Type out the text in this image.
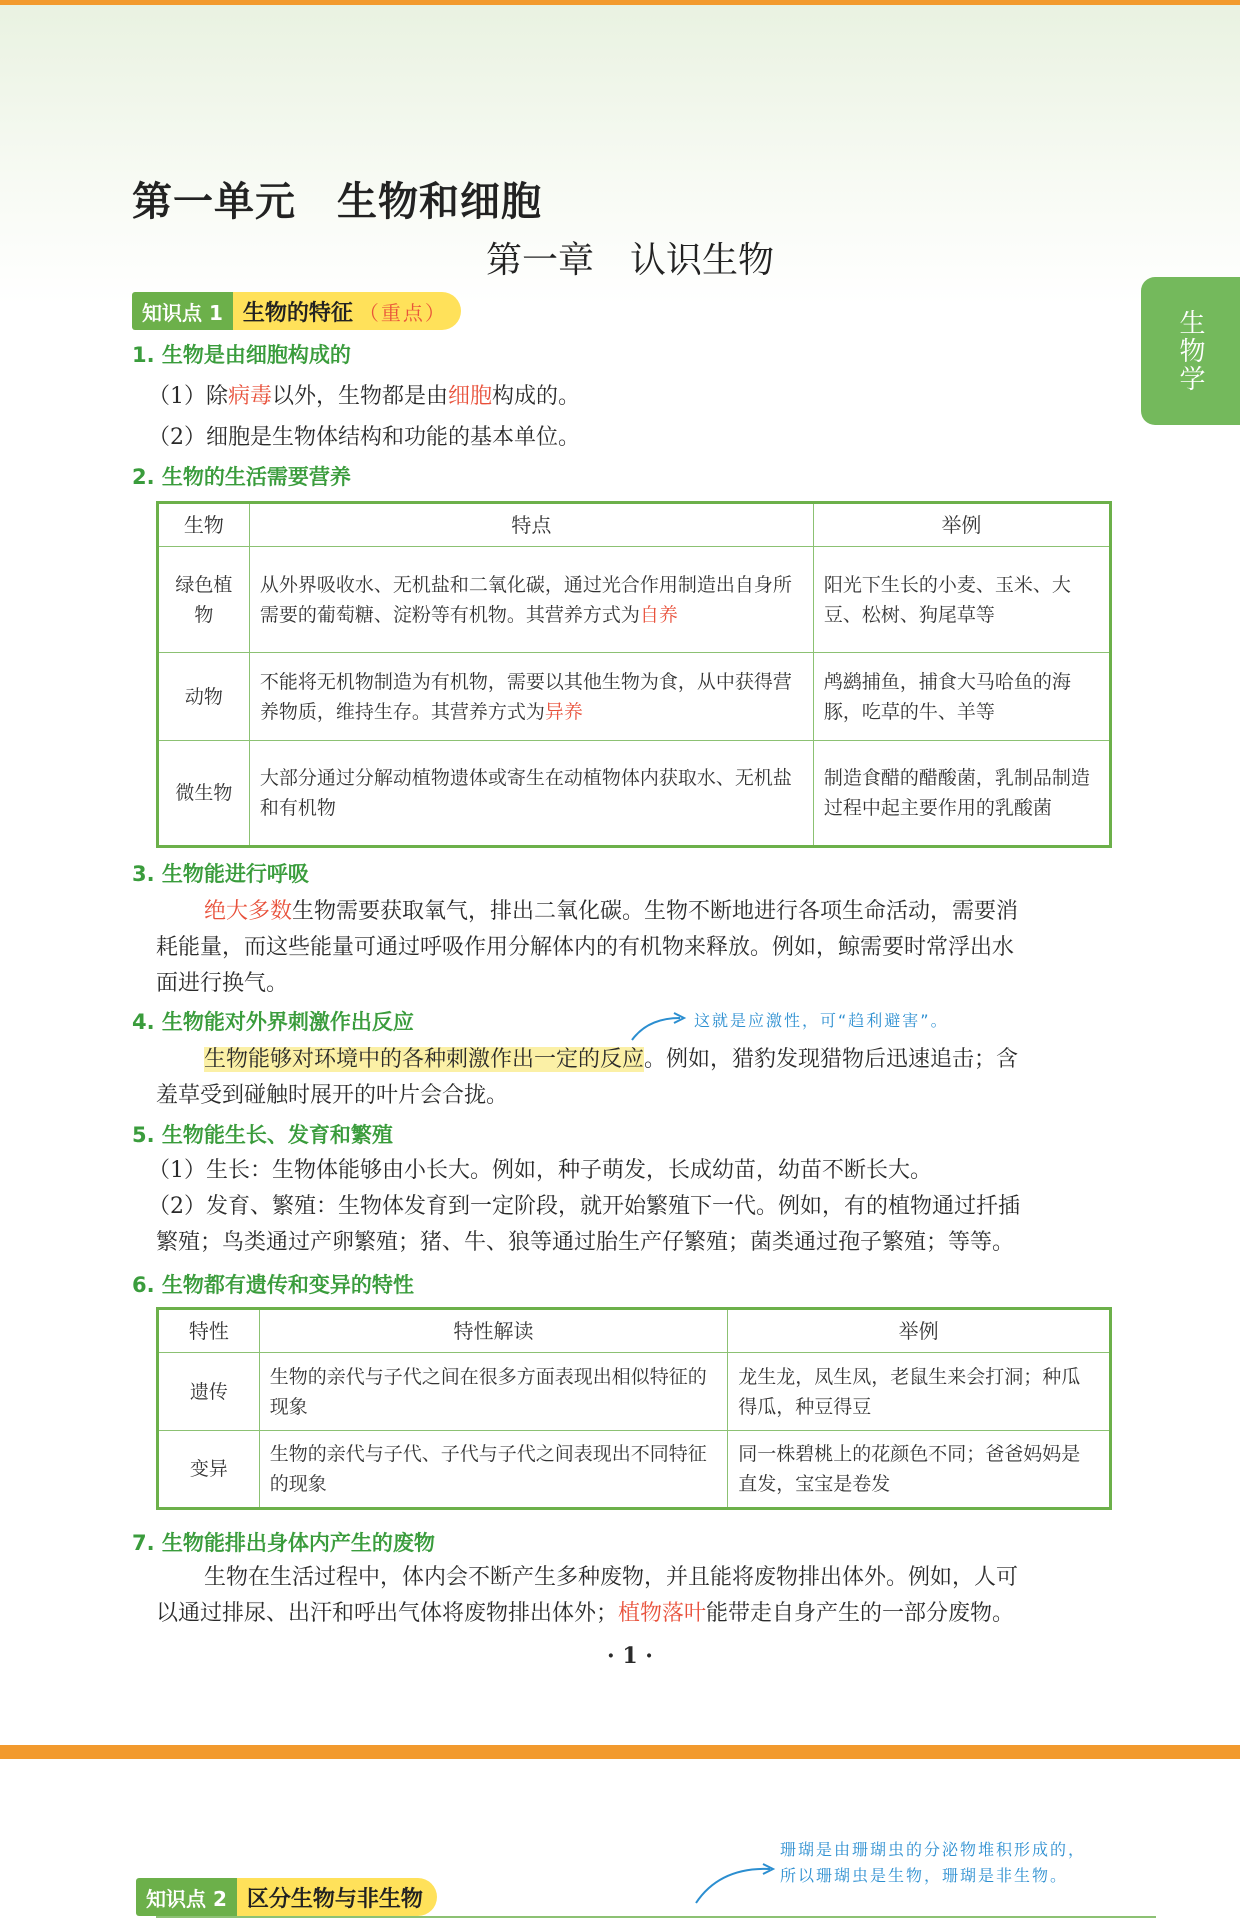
第一单元　生物和细胞
第一章　认识生物
生物学
知识点 1 生物的特征 （重点）
1. 生物是由细胞构成的
（1）除病毒以外，生物都是由细胞构成的。
（2）细胞是生物体结构和功能的基本单位。
2. 生物的生活需要营养
生物	特点	举例
绿色植物	从外界吸收水、无机盐和二氧化碳，通过光合作用制造出自身所需要的葡萄糖、淀粉等有机物。其营养方式为自养	阳光下生长的小麦、玉米、大豆、松树、狗尾草等
动物	不能将无机物制造为有机物，需要以其他生物为食，从中获得营养物质，维持生存。其营养方式为异养	鸬鹚捕鱼，捕食大马哈鱼的海豚，吃草的牛、羊等
微生物	大部分通过分解动植物遗体或寄生在动植物体内获取水、无机盐和有机物	制造食醋的醋酸菌，乳制品制造过程中起主要作用的乳酸菌
3. 生物能进行呼吸

绝大多数生物需要获取氧气，排出二氧化碳。生物不断地进行各项生命活动，需要消

耗能量，而这些能量可通过呼吸作用分解体内的有机物来释放。例如，鲸需要时常浮出水

面进行换气。

4. 生物能对外界刺激作出反应	这就是应激性，可“趋利避害”。

生物能够对环境中的各种刺激作出一定的反应。例如，猎豹发现猎物后迅速追击；含

羞草受到碰触时展开的叶片会合拢。

5. 生物能生长、发育和繁殖

（1）生长：生物体能够由小长大。例如，种子萌发，长成幼苗，幼苗不断长大。

（2）发育、繁殖：生物体发育到一定阶段，就开始繁殖下一代。例如，有的植物通过扦插

繁殖；鸟类通过产卵繁殖；猪、牛、狼等通过胎生产仔繁殖；菌类通过孢子繁殖；等等。

6. 生物都有遗传和变异的特性
特性	特性解读	举例
遗传	生物的亲代与子代之间在很多方面表现出相似特征的现象	龙生龙，凤生凤，老鼠生来会打洞；种瓜得瓜，种豆得豆
变异	生物的亲代与子代、子代与子代之间表现出不同特征的现象	同一株碧桃上的花颜色不同；爸爸妈妈是直发，宝宝是卷发
7. 生物能排出身体内产生的废物

生物在生活过程中，体内会不断产生多种废物，并且能将废物排出体外。例如，人可

以通过排尿、出汗和呼出气体将废物排出体外；植物落叶能带走自身产生的一部分废物。

· 1 ·
珊瑚是由珊瑚虫的分泌物堆积形成的，
所以珊瑚虫是生物，珊瑚是非生物。
知识点 2 区分生物与非生物
